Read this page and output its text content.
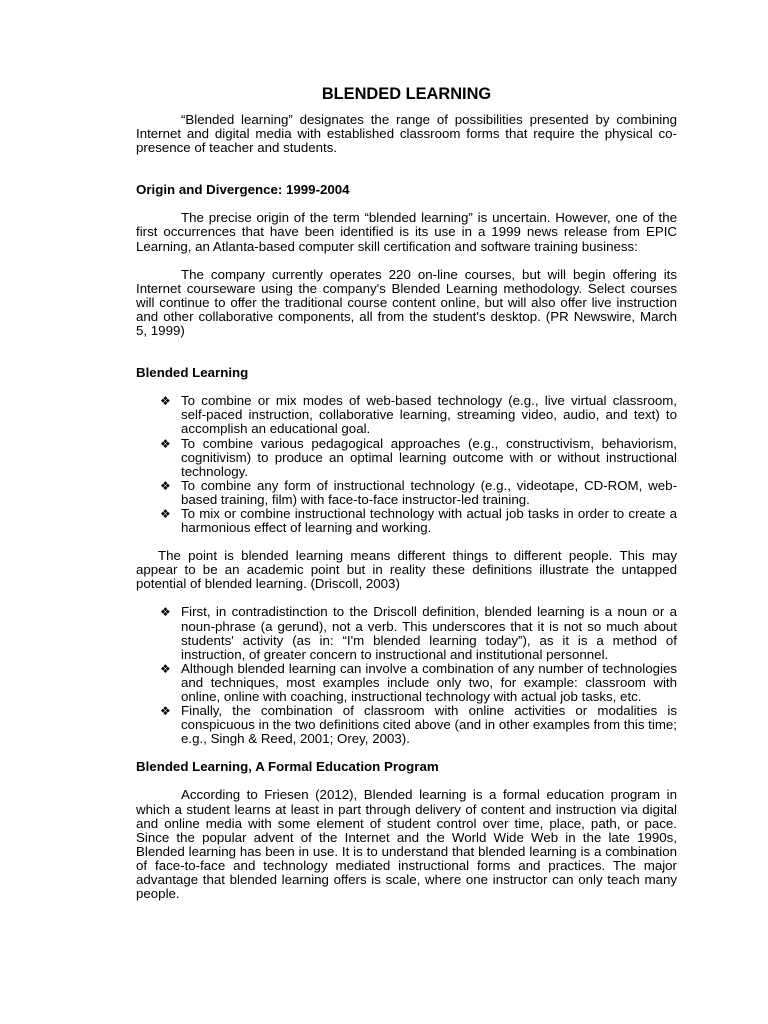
BLENDED LEARNING

“Blended learning” designates the range of possibilities presented by combining Internet and digital media with established classroom forms that require the physical co-presence of teacher and students.

Origin and Divergence: 1999-2004

The precise origin of the term “blended learning” is uncertain. However, one of the first occurrences that have been identified is its use in a 1999 news release from EPIC Learning, an Atlanta-based computer skill certification and software training business:

The company currently operates 220 on-line courses, but will begin offering its Internet courseware using the company's Blended Learning methodology. Select courses will continue to offer the traditional course content online, but will also offer live instruction and other collaborative components, all from the student's desktop. (PR Newswire, March 5, 1999)

Blended Learning
❖ To combine or mix modes of web-based technology (e.g., live virtual classroom, self-paced instruction, collaborative learning, streaming video, audio, and text) to accomplish an educational goal.
❖ To combine various pedagogical approaches (e.g., constructivism, behaviorism, cognitivism) to produce an optimal learning outcome with or without instructional technology.
❖ To combine any form of instructional technology (e.g., videotape, CD-ROM, web-based training, film) with face-to-face instructor-led training.
❖ To mix or combine instructional technology with actual job tasks in order to create a harmonious effect of learning and working.

The point is blended learning means different things to different people. This may appear to be an academic point but in reality these definitions illustrate the untapped potential of blended learning. (Driscoll, 2003)

❖ First, in contradistinction to the Driscoll definition, blended learning is a noun or a noun-phrase (a gerund), not a verb. This underscores that it is not so much about students' activity (as in: “I'm blended learning today”), as it is a method of instruction, of greater concern to instructional and institutional personnel.
❖ Although blended learning can involve a combination of any number of technologies and techniques, most examples include only two, for example: classroom with online, online with coaching, instructional technology with actual job tasks, etc.
❖ Finally, the combination of classroom with online activities or modalities is conspicuous in the two definitions cited above (and in other examples from this time; e.g., Singh & Reed, 2001; Orey, 2003).
Blended Learning, A Formal Education Program

According to Friesen (2012), Blended learning is a formal education program in which a student learns at least in part through delivery of content and instruction via digital and online media with some element of student control over time, place, path, or pace. Since the popular advent of the Internet and the World Wide Web in the late 1990s, Blended learning has been in use. It is to understand that blended learning is a combination of face-to-face and technology mediated instructional forms and practices. The major advantage that blended learning offers is scale, where one instructor can only teach many people.
